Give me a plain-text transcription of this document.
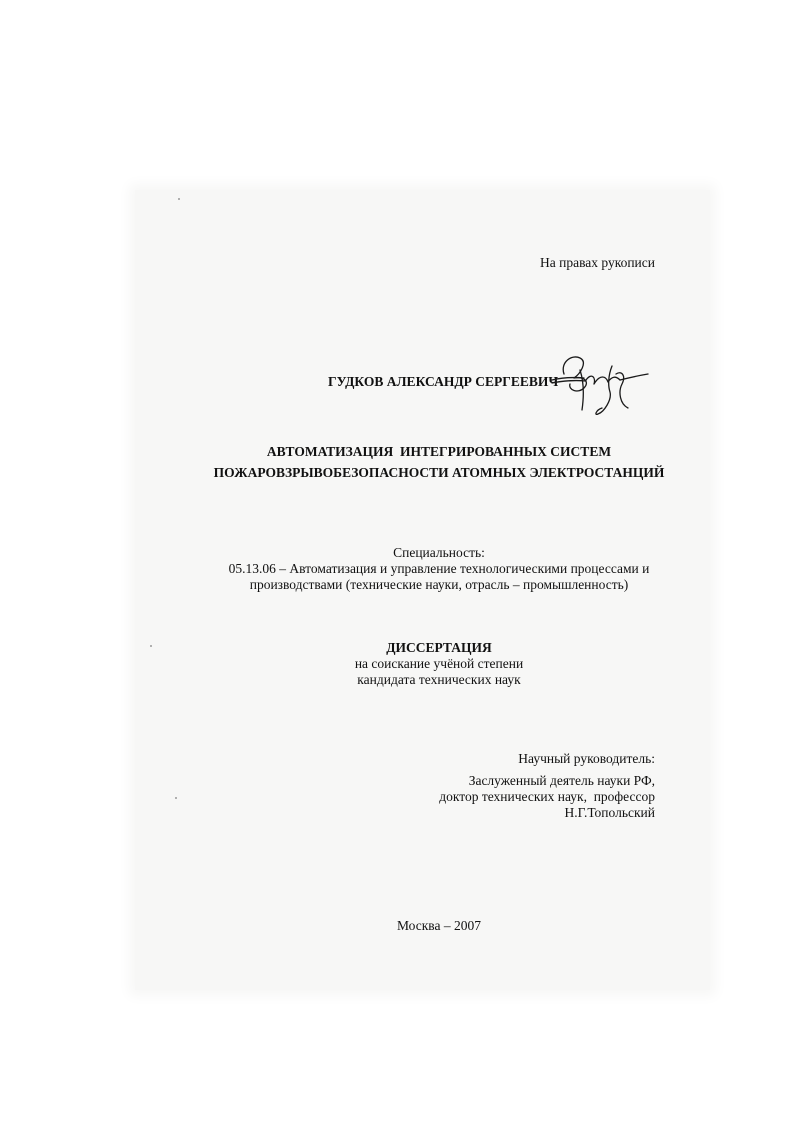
На правах рукописи
ГУДКОВ АЛЕКСАНДР СЕРГЕЕВИЧ
АВТОМАТИЗАЦИЯ  ИНТЕГРИРОВАННЫХ СИСТЕМ
ПОЖАРОВЗРЫВОБЕЗОПАСНОСТИ АТОМНЫХ ЭЛЕКТРОСТАНЦИЙ
Специальность:
05.13.06 – Автоматизация и управление технологическими процессами и
производствами (технические науки, отрасль – промышленность)
ДИССЕРТАЦИЯ
на соискание учёной степени
кандидата технических наук
Научный руководитель:
Заслуженный деятель науки РФ,
доктор технических наук,  профессор
Н.Г.Топольский
Москва – 2007
